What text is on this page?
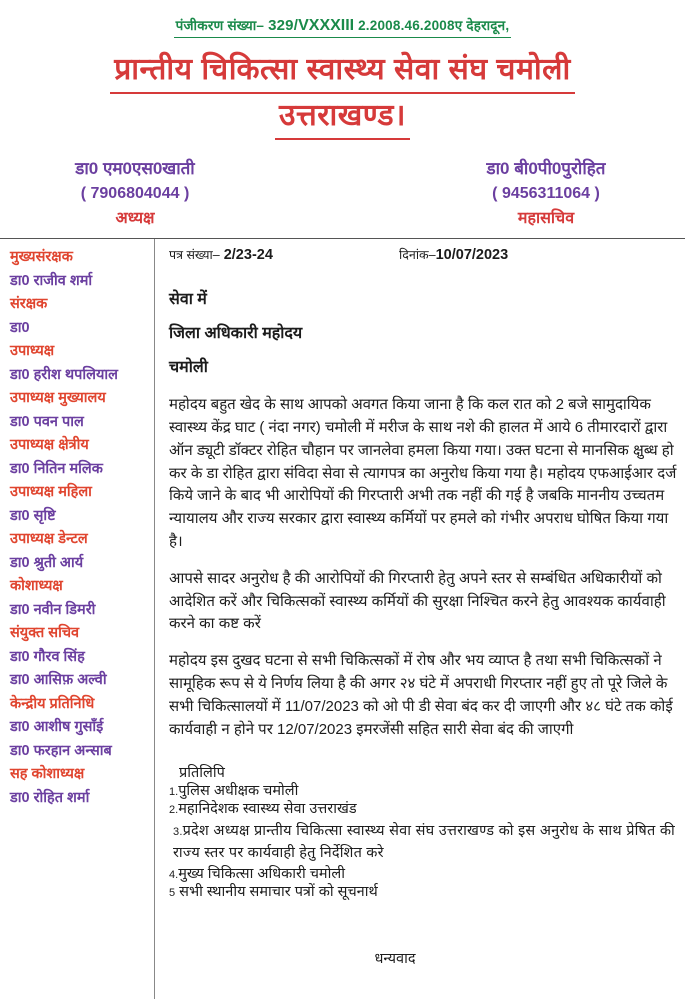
पंजीकरण संख्या– 329/VXXXIII 2.2008.46.2008ए देहरादून,
प्रान्तीय चिकित्सा स्वास्थ्य सेवा संघ चमोली
उत्तराखण्ड।
डा0 एम0एस0खाती
( 7906804044 )
अध्यक्ष
डा0 बी0पी0पुरोहित
( 9456311064 )
महासचिव
मुख्यसंरक्षक
डा0 राजीव शर्मा
संरक्षक
डा0
उपाध्यक्ष
डा0 हरीश थपलियाल
उपाध्यक्ष मुख्यालय
डा0 पवन पाल
उपाध्यक्ष क्षेत्रीय
डा0 नितिन मलिक
उपाध्यक्ष महिला
डा0 सृष्टि
उपाध्यक्ष डेन्टल
डा0 श्रुती आर्य
कोशाध्यक्ष
डा0 नवीन डिमरी
संयुक्त सचिव
डा0 गौरव सिंह
डा0 आसिफ़ अल्वी
केन्द्रीय प्रतिनिधि
डा0 आशीष गुसाँई
डा0 फरहान अन्साब
सह कोशाध्यक्ष
डा0 रोहित शर्मा
पत्र संख्या– 2/23-24	दिनांक–10/07/2023
सेवा में
जिला अधिकारी महोदय
चमोली
महोदय बहुत खेद के साथ आपको अवगत किया जाना है कि कल रात को 2 बजे सामुदायिक स्वास्थ्य केंद्र घाट ( नंदा नगर) चमोली में मरीज के साथ नशे की हालत में आये 6 तीमारदारों द्वारा ऑन ड्यूटी डॉक्टर रोहित चौहान पर जानलेवा हमला किया गया। उक्त घटना से मानसिक क्षुब्ध हो कर के डा रोहित द्वारा संविदा सेवा से त्यागपत्र का अनुरोध किया गया है। महोदय एफआईआर दर्ज किये जाने के बाद भी आरोपियों की गिरप्तारी अभी तक नहीं की गई है जबकि माननीय उच्चतम न्यायालय और राज्य सरकार द्वारा स्वास्थ्य कर्मियों पर हमले को गंभीर अपराध घोषित किया गया है।
आपसे सादर अनुरोध है की आरोपियों की गिरप्तारी हेतु अपने स्तर से सम्बंधित अधिकारीयों को आदेशित करें और चिकित्सकों स्वास्थ्य कर्मियों की सुरक्षा निश्चित करने हेतु आवश्यक कार्यवाही करने का कष्ट करें
महोदय इस दुखद घटना से सभी चिकित्सकों में रोष और भय व्याप्त है तथा सभी चिकित्सकों ने सामूहिक रूप से ये निर्णय लिया है की अगर २४ घंटे में अपराधी गिरप्तार नहीं हुए तो पूरे जिले के सभी चिकित्सालयों में 11/07/2023 को ओ पी डी सेवा बंद कर दी जाएगी और ४८ घंटे तक कोई कार्यवाही न होने पर 12/07/2023 इमरजेंसी सहित सारी सेवा बंद की जाएगी
प्रतिलिपि
1.पुलिस अधीक्षक चमोली
2.महानिदेशक स्वास्थ्य सेवा उत्तराखंड
3.प्रदेश अध्यक्ष प्रान्तीय चिकित्सा स्वास्थ्य सेवा संघ उत्तराखण्ड को इस अनुरोध के साथ प्रेषित की राज्य स्तर पर कार्यवाही हेतु निर्देशित करे
4.मुख्य चिकित्सा अधिकारी चमोली
5 सभी स्थानीय समाचार पत्रों को सूचनार्थ
धन्यवाद
